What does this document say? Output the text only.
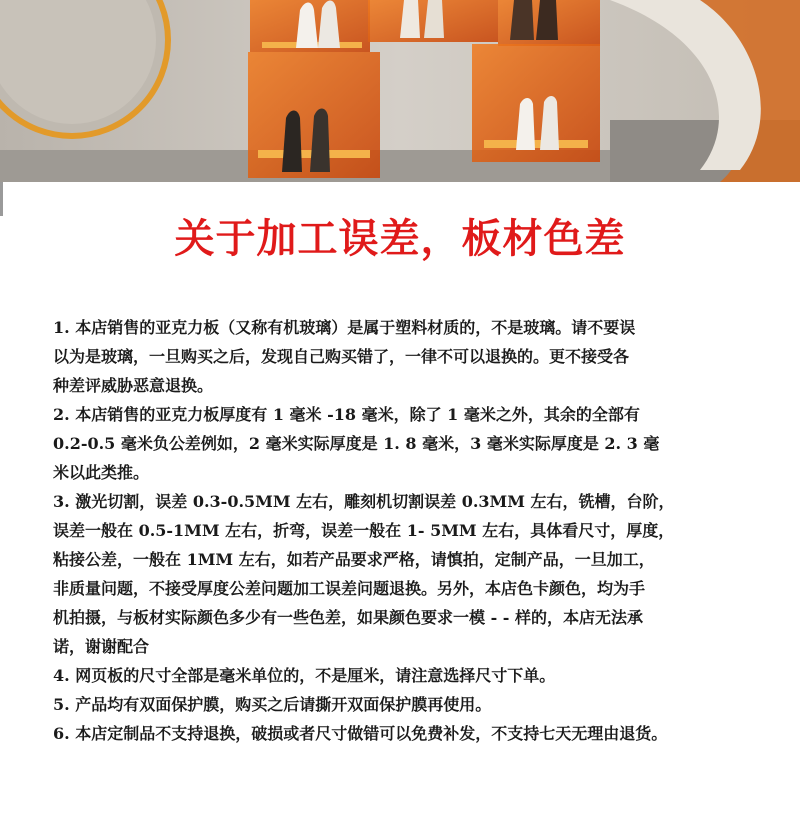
关于加工误差，板材色差
1. 本店销售的亚克力板（又称有机玻璃）是属于塑料材质的，不是玻璃。请不要误
以为是玻璃，一旦购买之后，发现自己购买错了，一律不可以退换的。更不接受各
种差评威胁恶意退换。
2. 本店销售的亚克力板厚度有 1 毫米 -18 毫米，除了 1 毫米之外，其余的全部有
0.2-0.5 毫米负公差例如，2 毫米实际厚度是 1. 8 毫米，3 毫米实际厚度是 2. 3 毫
米以此类推。
3. 激光切割，误差 0.3-0.5MM 左右，雕刻机切割误差 0.3MM 左右，铣槽，台阶，
误差一般在 0.5-1MM 左右，折弯，误差一般在 1- 5MM 左右，具体看尺寸，厚度，
粘接公差，一般在 1MM 左右，如若产品要求严格，请慎拍，定制产品，一旦加工，
非质量问题，不接受厚度公差问题加工误差问题退换。另外，本店色卡颜色，均为手
机拍摄，与板材实际颜色多少有一些色差，如果颜色要求一模 - - 样的，本店无法承
诺，谢谢配合
4. 网页板的尺寸全部是毫米单位的，不是厘米，请注意选择尺寸下单。
5. 产品均有双面保护膜，购买之后请撕开双面保护膜再使用。
6. 本店定制品不支持退换，破损或者尺寸做错可以免费补发，不支持七天无理由退货。
